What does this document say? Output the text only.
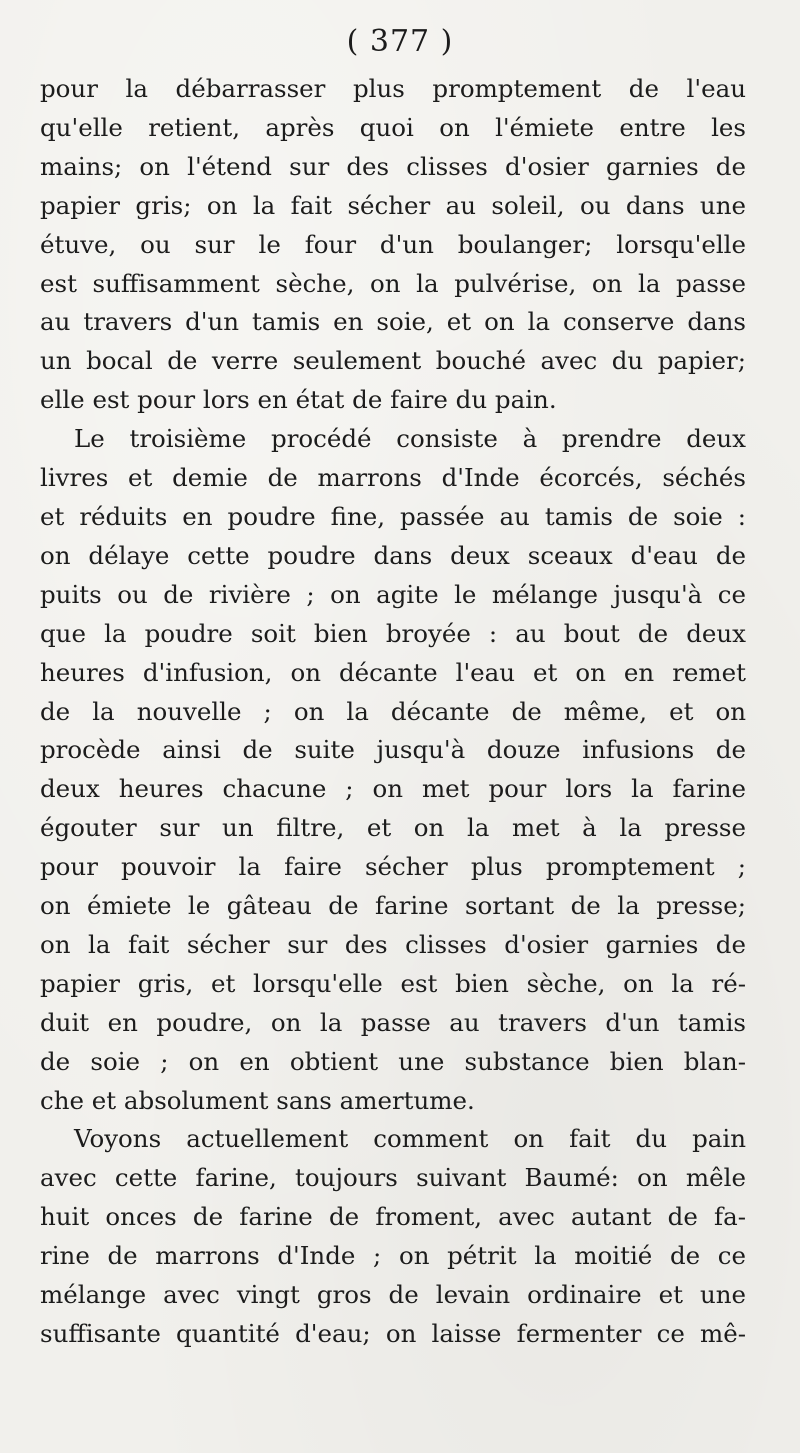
( 377 )
pour la débarrasser plus promptement de l'eau
qu'elle retient, après quoi on l'émiete entre les
mains; on l'étend sur des clisses d'osier garnies de
papier gris; on la fait sécher au soleil, ou dans une
étuve, ou sur le four d'un boulanger; lorsqu'elle
est suffisamment sèche, on la pulvérise, on la passe
au travers d'un tamis en soie, et on la conserve dans
un bocal de verre seulement bouché avec du papier;
elle est pour lors en état de faire du pain.
Le troisième procédé consiste à prendre deux
livres et demie de marrons d'Inde écorcés, séchés
et réduits en poudre fine, passée au tamis de soie :
on délaye cette poudre dans deux sceaux d'eau de
puits ou de rivière ; on agite le mélange jusqu'à ce
que la poudre soit bien broyée : au bout de deux
heures d'infusion, on décante l'eau et on en remet
de la nouvelle ; on la décante de même, et on
procède ainsi de suite jusqu'à douze infusions de
deux heures chacune ; on met pour lors la farine
égouter sur un filtre, et on la met à la presse
pour pouvoir la faire sécher plus promptement ;
on émiete le gâteau de farine sortant de la presse;
on la fait sécher sur des clisses d'osier garnies de
papier gris, et lorsqu'elle est bien sèche, on la ré-
duit en poudre, on la passe au travers d'un tamis
de soie ; on en obtient une substance bien blan-
che et absolument sans amertume.
Voyons actuellement comment on fait du pain
avec cette farine, toujours suivant Baumé: on mêle
huit onces de farine de froment, avec autant de fa-
rine de marrons d'Inde ; on pétrit la moitié de ce
mélange avec vingt gros de levain ordinaire et une
suffisante quantité d'eau; on laisse fermenter ce mê-
